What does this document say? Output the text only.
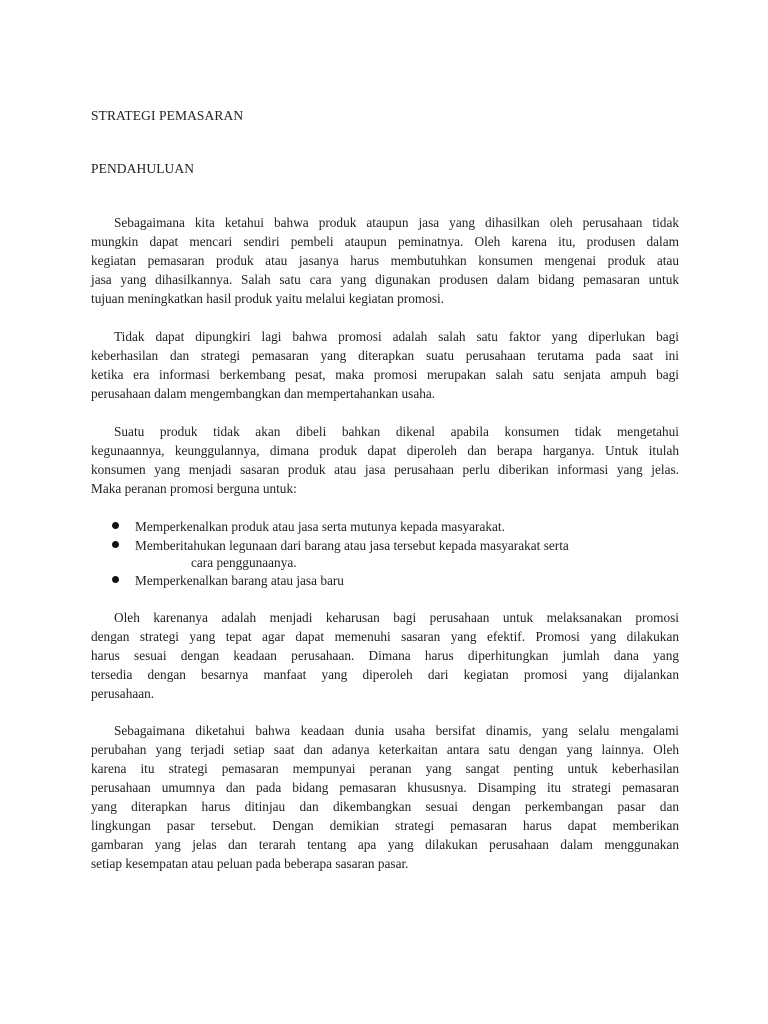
STRATEGI PEMASARAN
PENDAHULUAN

Sebagaimana kita ketahui bahwa produk ataupun jasa yang dihasilkan oleh perusahaan tidak
mungkin dapat mencari sendiri pembeli ataupun peminatnya. Oleh karena itu, produsen dalam
kegiatan pemasaran produk atau jasanya harus membutuhkan konsumen mengenai produk atau
jasa yang dihasilkannya. Salah satu cara yang digunakan produsen dalam bidang pemasaran untuk
tujuan meningkatkan hasil produk yaitu melalui kegiatan promosi.

Tidak dapat dipungkiri lagi bahwa promosi adalah salah satu faktor yang diperlukan bagi
keberhasilan dan strategi pemasaran yang diterapkan suatu perusahaan terutama pada saat ini
ketika era informasi berkembang pesat, maka promosi merupakan salah satu senjata ampuh bagi
perusahaan dalam mengembangkan dan mempertahankan usaha.

Suatu produk tidak akan dibeli bahkan dikenal apabila konsumen tidak mengetahui
kegunaannya, keunggulannya, dimana produk dapat diperoleh dan berapa harganya. Untuk itulah
konsumen yang menjadi sasaran produk atau jasa perusahaan perlu diberikan informasi yang jelas.
Maka peranan promosi berguna untuk:

Memperkenalkan produk atau jasa serta mutunya kepada masyarakat.
Memberitahukan legunaan dari barang atau jasa tersebut kepada masyarakat serta
cara penggunaanya.
Memperkenalkan barang atau jasa baru

Oleh karenanya adalah menjadi keharusan bagi perusahaan untuk melaksanakan promosi
dengan strategi yang tepat agar dapat memenuhi sasaran yang efektif. Promosi yang dilakukan
harus sesuai dengan keadaan perusahaan. Dimana harus diperhitungkan jumlah dana yang
tersedia dengan besarnya manfaat yang diperoleh dari kegiatan promosi yang dijalankan
perusahaan.

Sebagaimana diketahui bahwa keadaan dunia usaha bersifat dinamis, yang selalu mengalami
perubahan yang terjadi setiap saat dan adanya keterkaitan antara satu dengan yang lainnya. Oleh
karena itu strategi pemasaran mempunyai peranan yang sangat penting untuk keberhasilan
perusahaan umumnya dan pada bidang pemasaran khususnya. Disamping itu strategi pemasaran
yang diterapkan harus ditinjau dan dikembangkan sesuai dengan perkembangan pasar dan
lingkungan pasar tersebut. Dengan demikian strategi pemasaran harus dapat memberikan
gambaran yang jelas dan terarah tentang apa yang dilakukan perusahaan dalam menggunakan
setiap kesempatan atau peluan pada beberapa sasaran pasar.
